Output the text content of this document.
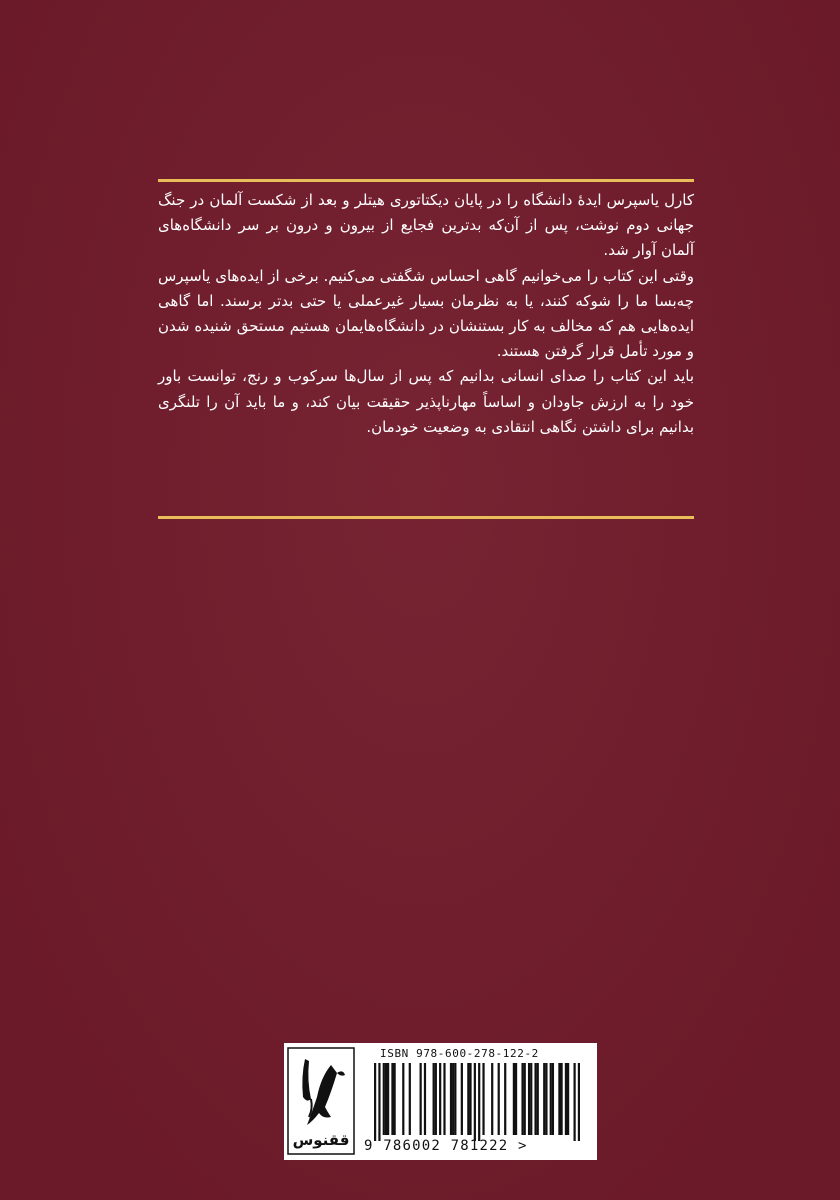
کارل یاسپرس ایدهٔ دانشگاه را در پایان دیکتاتوری هیتلر و بعد از شکست آلمان در جنگ جهانی دوم نوشت، پس از آن‌که بدترین فجایع از بیرون و درون بر سر دانشگاه‌های آلمان آوار شد.

وقتی این کتاب را می‌خوانیم گاهی احساس شگفتی می‌کنیم. برخی از ایده‌های یاسپرس چه‌بسا ما را شوکه کنند، یا به نظرمان بسیار غیرعملی یا حتی بدتر برسند. اما گاهی ایده‌هایی هم که مخالف به کار بستنشان در دانشگاه‌هایمان هستیم مستحق شنیده شدن و مورد تأمل قرار گرفتن هستند.

باید این کتاب را صدای انسانی بدانیم که پس از سال‌ها سرکوب و رنج، توانست باور خود را به ارزش جاودان و اساساً مهارناپذیر حقیقت بیان کند، و ما باید آن را تلنگری بدانیم برای داشتن نگاهی انتقادی به وضعیت خودمان.

ققنوس
ISBN 978-600-278-122-2
9 786002 781222 >
